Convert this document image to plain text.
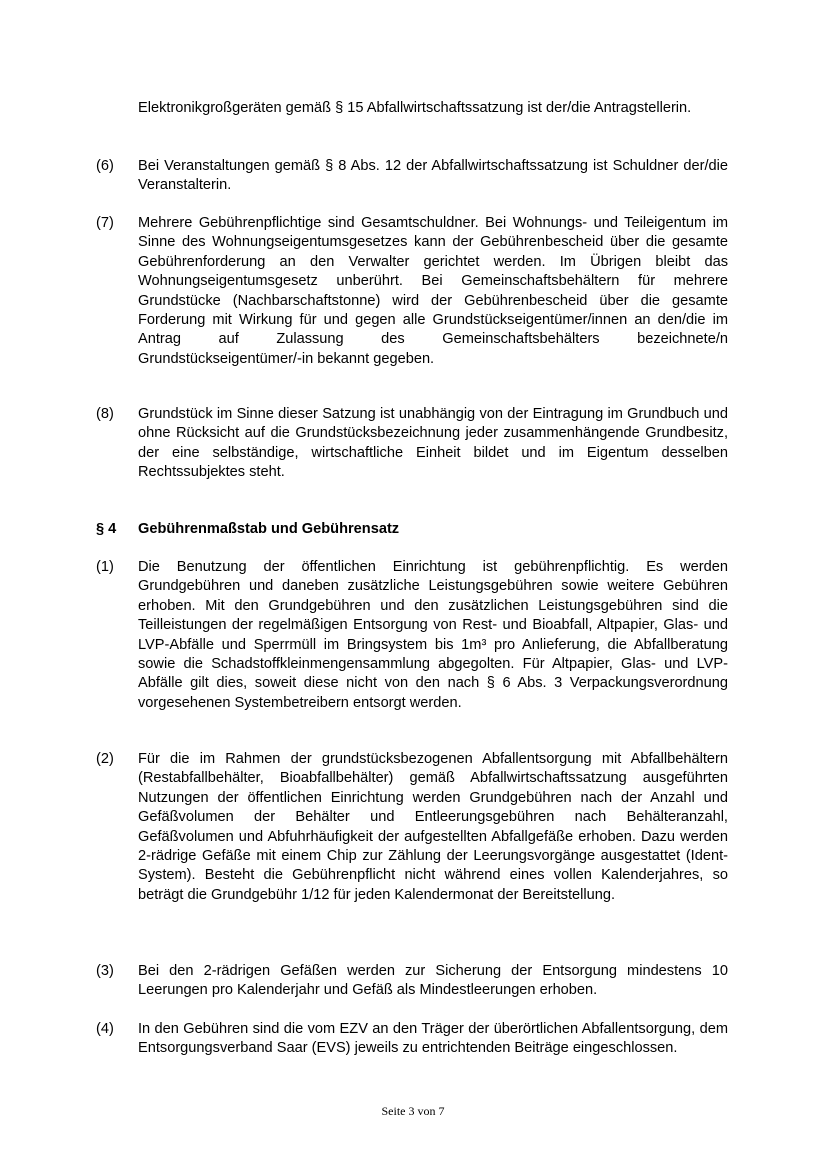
Elektronikgroßgeräten gemäß § 15 Abfallwirtschaftssatzung ist der/die Antragstellerin.
(6)	Bei Veranstaltungen gemäß § 8 Abs. 12 der Abfallwirtschaftssatzung ist Schuldner der/die Veranstalterin.
(7)	Mehrere Gebührenpflichtige sind Gesamtschuldner. Bei Wohnungs- und Teileigentum im Sinne des Wohnungseigentumsgesetzes kann der Gebührenbescheid über die gesamte Gebührenforderung an den Verwalter gerichtet werden. Im Übrigen bleibt das Wohnungseigentumsgesetz unberührt. Bei Gemeinschaftsbehältern für mehrere Grundstücke (Nachbarschaftstonne) wird der Gebührenbescheid über die gesamte Forderung mit Wirkung für und gegen alle Grundstückseigentümer/innen an den/die im Antrag auf Zulassung des Gemeinschaftsbehälters bezeichnete/n Grundstückseigentümer/-in bekannt gegeben.
(8)	Grundstück im Sinne dieser Satzung ist unabhängig von der Eintragung im Grundbuch und ohne Rücksicht auf die Grundstücksbezeichnung jeder zusammenhängende Grundbesitz, der eine selbständige, wirtschaftliche Einheit bildet und im Eigentum desselben Rechtssubjektes steht.
§ 4 Gebührenmaßstab und Gebührensatz
(1)	Die Benutzung der öffentlichen Einrichtung ist gebührenpflichtig. Es werden Grundgebühren und daneben zusätzliche Leistungsgebühren sowie weitere Gebühren erhoben. Mit den Grundgebühren und den zusätzlichen Leistungsgebühren sind die Teilleistungen der regelmäßigen Entsorgung von Rest- und Bioabfall, Altpapier, Glas- und LVP-Abfälle und Sperrmüll im Bringsystem bis 1m³ pro Anlieferung, die Abfallberatung sowie die Schadstoffkleinmengensammlung abgegolten. Für Altpapier, Glas- und LVP-Abfälle gilt dies, soweit diese nicht von den nach § 6 Abs. 3 Verpackungsverordnung vorgesehenen Systembetreibern entsorgt werden.
(2)	Für die im Rahmen der grundstücksbezogenen Abfallentsorgung mit Abfallbehältern (Restabfallbehälter, Bioabfallbehälter) gemäß Abfallwirtschaftssatzung ausgeführten Nutzungen der öffentlichen Einrichtung werden Grundgebühren nach der Anzahl und Gefäßvolumen der Behälter und Entleerungsgebühren nach Behälteranzahl, Gefäßvolumen und Abfuhrhäufigkeit der aufgestellten Abfallgefäße erhoben. Dazu werden 2-rädrige Gefäße mit einem Chip zur Zählung der Leerungsvorgänge ausgestattet (Ident-System). Besteht die Gebührenpflicht nicht während eines vollen Kalenderjahres, so beträgt die Grundgebühr 1/12 für jeden Kalendermonat der Bereitstellung.
(3)	Bei den 2-rädrigen Gefäßen werden zur Sicherung der Entsorgung mindestens 10 Leerungen pro Kalenderjahr und Gefäß als Mindestleerungen erhoben.
(4)	In den Gebühren sind die vom EZV an den Träger der überörtlichen Abfallentsorgung, dem Entsorgungsverband Saar (EVS) jeweils zu entrichtenden Beiträge eingeschlossen.
Seite 3 von 7
